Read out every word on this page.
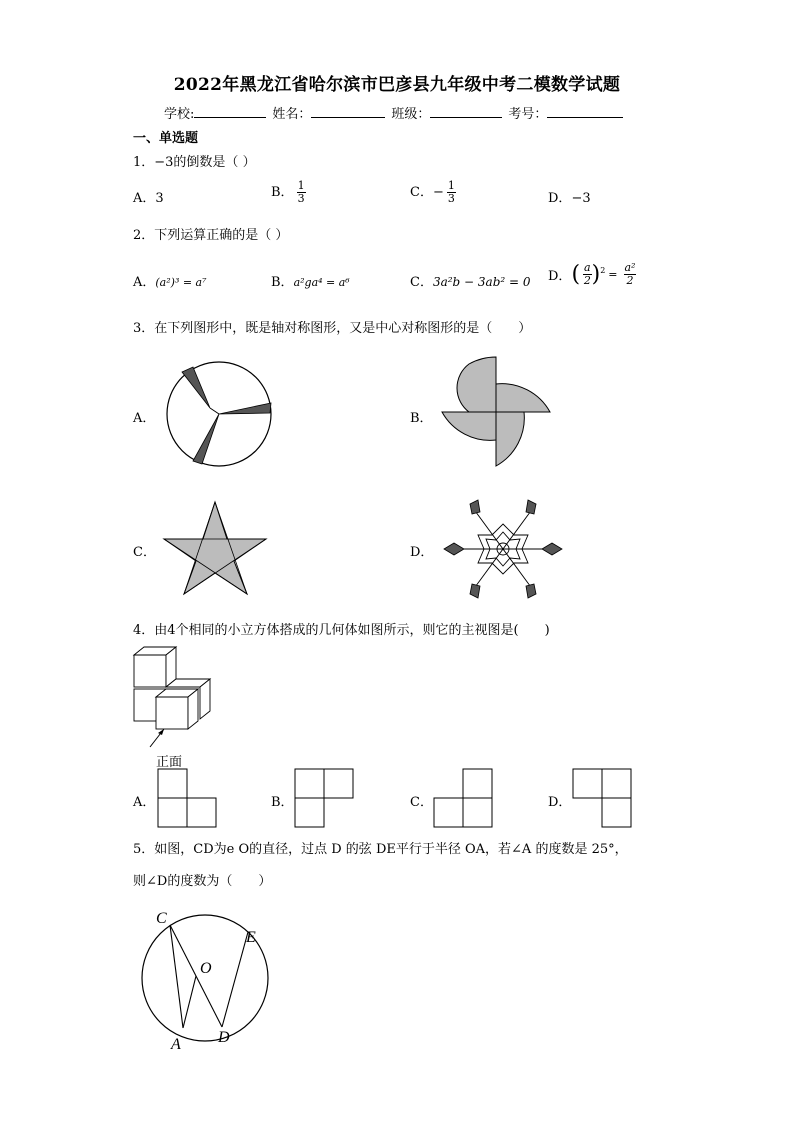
2022年黑龙江省哈尔滨市巴彦县九年级中考二模数学试题
学校:	姓名：	班级：	考号：
一、单选题
1．−3的倒数是（ ）
A．3	B． $\frac{1}{3}$	C．− $\frac{1}{3}$	D．−3
2．下列运算正确的是（ ）
A．(a²)³ = a⁷	B．a²ga⁴ = a⁶	C．3a²b − 3ab² = 0 D． ( $\frac{a}{2}$ ) $2 = \frac{\text{a²}}{2}$
3．在下列图形中，既是轴对称图形，又是中心对称图形的是（　　）
A．	B．
C．	D．
4．由4个相同的小立方体搭成的几何体如图所示，则它的主视图是(　　)
正面
A．	B．	C．	D．
5．如图，CD为e O的直径，过点 D 的弦 DE平行于半径 OA，若∠A 的度数是 25°，
则∠D的度数为（　　）
C
E
O
A D
